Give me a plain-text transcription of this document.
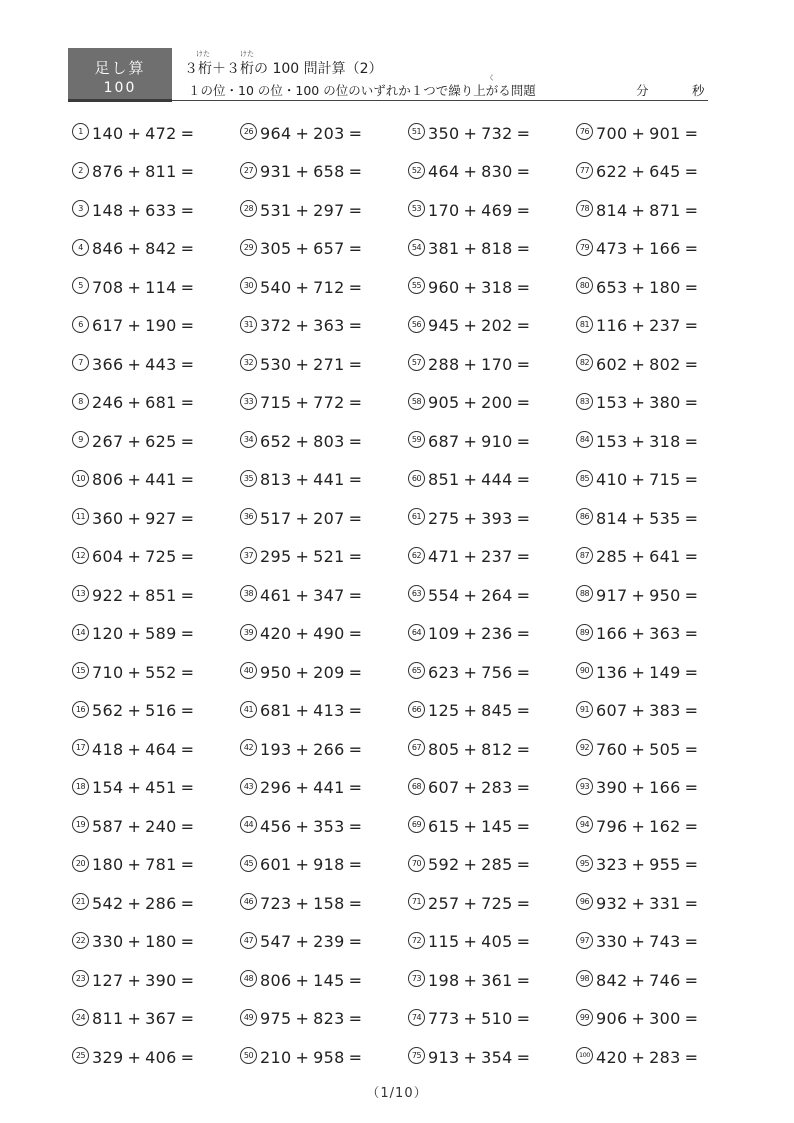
足し算
100
けた	けた
く
３桁＋３桁の 100 問計算（2）
１の位・10 の位・100 の位のいずれか１つで繰り上がる問題	分	秒
1 140 + 472 =
2 876 + 811 =
3 148 + 633 =
4 846 + 842 =
5 708 + 114 =
6 617 + 190 =
7 366 + 443 =
8 246 + 681 =
9 267 + 625 =
10 806 + 441 =
11 360 + 927 =
12 604 + 725 =
13 922 + 851 =
14 120 + 589 =
15 710 + 552 =
16 562 + 516 =
17 418 + 464 =
18 154 + 451 =
19 587 + 240 =
20 180 + 781 =
21 542 + 286 =
22 330 + 180 =
23 127 + 390 =
24 811 + 367 =
25 329 + 406 =
26 964 + 203 =
27 931 + 658 =
28 531 + 297 =
29 305 + 657 =
30 540 + 712 =
31 372 + 363 =
32 530 + 271 =
33 715 + 772 =
34 652 + 803 =
35 813 + 441 =
36 517 + 207 =
37 295 + 521 =
38 461 + 347 =
39 420 + 490 =
40 950 + 209 =
41 681 + 413 =
42 193 + 266 =
43 296 + 441 =
44 456 + 353 =
45 601 + 918 =
46 723 + 158 =
47 547 + 239 =
48 806 + 145 =
49 975 + 823 =
50 210 + 958 =
51 350 + 732 =
52 464 + 830 =
53 170 + 469 =
54 381 + 818 =
55 960 + 318 =
56 945 + 202 =
57 288 + 170 =
58 905 + 200 =
59 687 + 910 =
60 851 + 444 =
61 275 + 393 =
62 471 + 237 =
63 554 + 264 =
64 109 + 236 =
65 623 + 756 =
66 125 + 845 =
67 805 + 812 =
68 607 + 283 =
69 615 + 145 =
70 592 + 285 =
71 257 + 725 =
72 115 + 405 =
73 198 + 361 =
74 773 + 510 =
75 913 + 354 =
76 700 + 901 =
77 622 + 645 =
78 814 + 871 =
79 473 + 166 =
80 653 + 180 =
81 116 + 237 =
82 602 + 802 =
83 153 + 380 =
84 153 + 318 =
85 410 + 715 =
86 814 + 535 =
87 285 + 641 =
88 917 + 950 =
89 166 + 363 =
90 136 + 149 =
91 607 + 383 =
92 760 + 505 =
93 390 + 166 =
94 796 + 162 =
95 323 + 955 =
96 932 + 331 =
97 330 + 743 =
98 842 + 746 =
99 906 + 300 =
100 420 + 283 =
（1/10）
